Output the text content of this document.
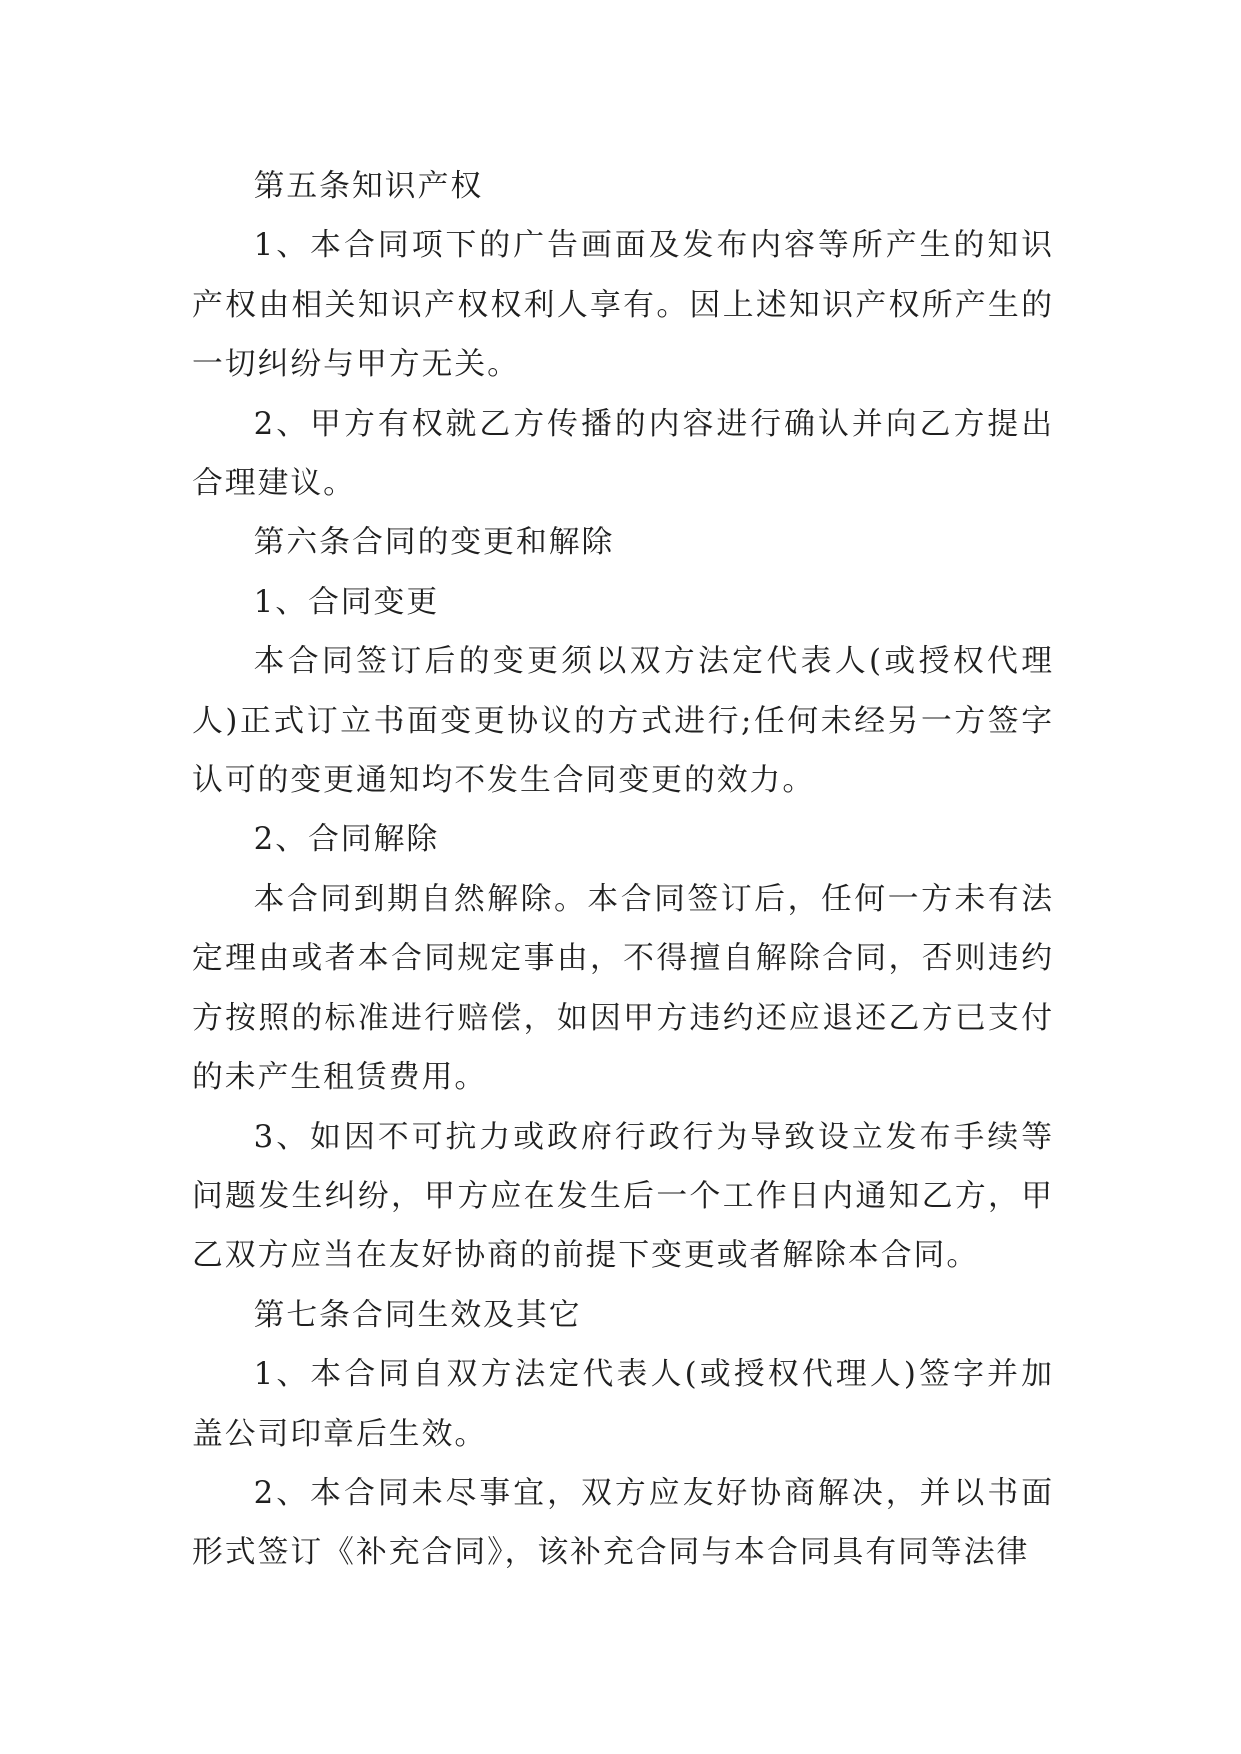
第五条知识产权

1、本合同项下的广告画面及发布内容等所产生的知识产权由相关知识产权权利人享有。因上述知识产权所产生的一切纠纷与甲方无关。

2、甲方有权就乙方传播的内容进行确认并向乙方提出合理建议。

第六条合同的变更和解除

1、合同变更

本合同签订后的变更须以双方法定代表人(或授权代理人)正式订立书面变更协议的方式进行;任何未经另一方签字认可的变更通知均不发生合同变更的效力。

2、合同解除

本合同到期自然解除。本合同签订后，任何一方未有法定理由或者本合同规定事由，不得擅自解除合同，否则违约方按照的标准进行赔偿，如因甲方违约还应退还乙方已支付的未产生租赁费用。

3、如因不可抗力或政府行政行为导致设立发布手续等问题发生纠纷，甲方应在发生后一个工作日内通知乙方，甲乙双方应当在友好协商的前提下变更或者解除本合同。

第七条合同生效及其它

1、本合同自双方法定代表人(或授权代理人)签字并加盖公司印章后生效。

2、本合同未尽事宜，双方应友好协商解决，并以书面形式签订《补充合同》，该补充合同与本合同具有同等法律
